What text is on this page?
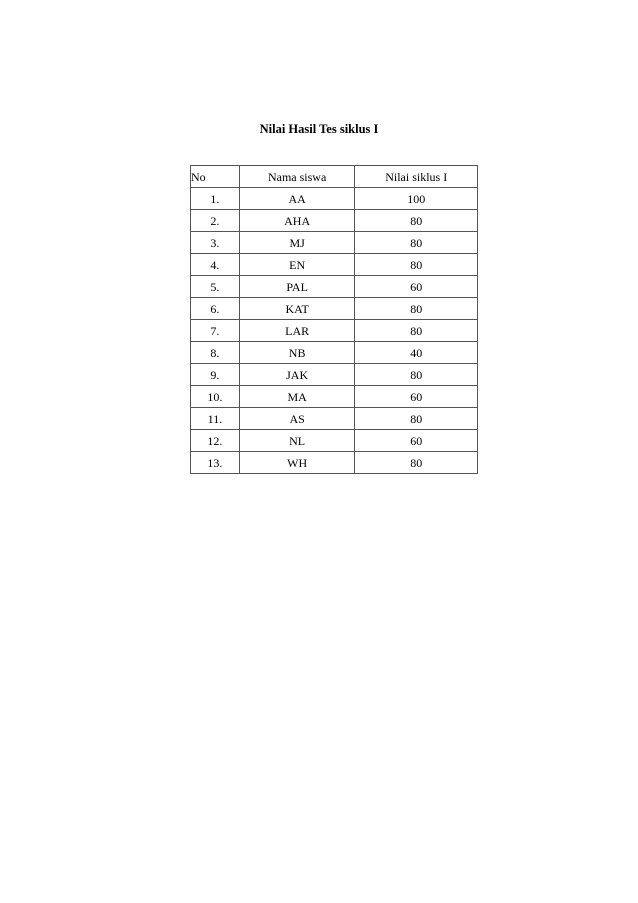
Nilai Hasil Tes siklus I
No	Nama siswa	Nilai siklus I
1.	AA	100
2.	AHA	80
3.	MJ	80
4.	EN	80
5.	PAL	60
6.	KAT	80
7.	LAR	80
8.	NB	40
9.	JAK	80
10.	MA	60
11.	AS	80
12.	NL	60
13.	WH	80
